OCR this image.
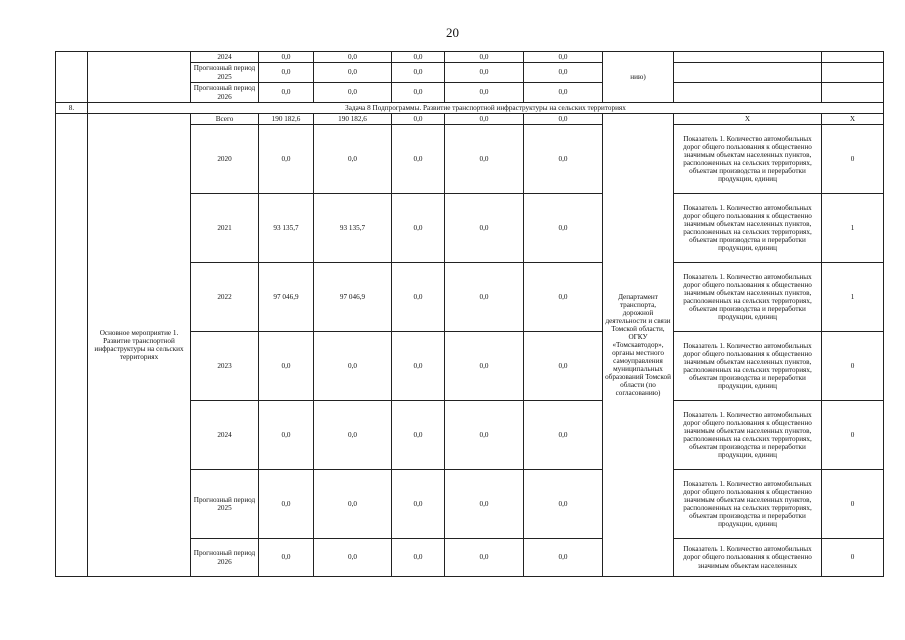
20
		2024	0,0	0,0	0,0	0,0	0,0	нию)		
		Прогнозный период 2025	0,0	0,0	0,0	0,0	0,0			
		Прогнозный период 2026	0,0	0,0	0,0	0,0	0,0			
8.	Задача 8 Подпрограммы. Развитие транспортной инфраструктуры на сельских территориях									
	Основное мероприятие 1. Развитие транспортной инфраструктуры на сельских территориях	Всего	190 182,6	190 182,6	0,0	0,0	0,0	Департамент транспорта, дорожной деятельности и связи Томской области, ОГКУ «Томскавтодор», органы местного самоуправления муниципальных образований Томской области (по согласованию)	X	X
		2020	0,0	0,0	0,0	0,0	0,0		Показатель 1. Количество автомобильных дорог общего пользования к общественно значимым объектам населенных пунктов, расположенных на сельских территориях, объектам производства и переработки продукции, единиц	0
		2021	93 135,7	93 135,7	0,0	0,0	0,0		Показатель 1. Количество автомобильных дорог общего пользования к общественно значимым объектам населенных пунктов, расположенных на сельских территориях, объектам производства и переработки продукции, единиц	1
		2022	97 046,9	97 046,9	0,0	0,0	0,0		Показатель 1. Количество автомобильных дорог общего пользования к общественно значимым объектам населенных пунктов, расположенных на сельских территориях, объектам производства и переработки продукции, единиц	1
		2023	0,0	0,0	0,0	0,0	0,0		Показатель 1. Количество автомобильных дорог общего пользования к общественно значимым объектам населенных пунктов, расположенных на сельских территориях, объектам производства и переработки продукции, единиц	0
		2024	0,0	0,0	0,0	0,0	0,0		Показатель 1. Количество автомобильных дорог общего пользования к общественно значимым объектам населенных пунктов, расположенных на сельских территориях, объектам производства и переработки продукции, единиц	0
		Прогнозный период 2025	0,0	0,0	0,0	0,0	0,0		Показатель 1. Количество автомобильных дорог общего пользования к общественно значимым объектам населенных пунктов, расположенных на сельских территориях, объектам производства и переработки продукции, единиц	0
		Прогнозный период 2026	0,0	0,0	0,0	0,0	0,0		Показатель 1. Количество автомобильных дорог общего пользования к общественно значимым объектам населенных	0
